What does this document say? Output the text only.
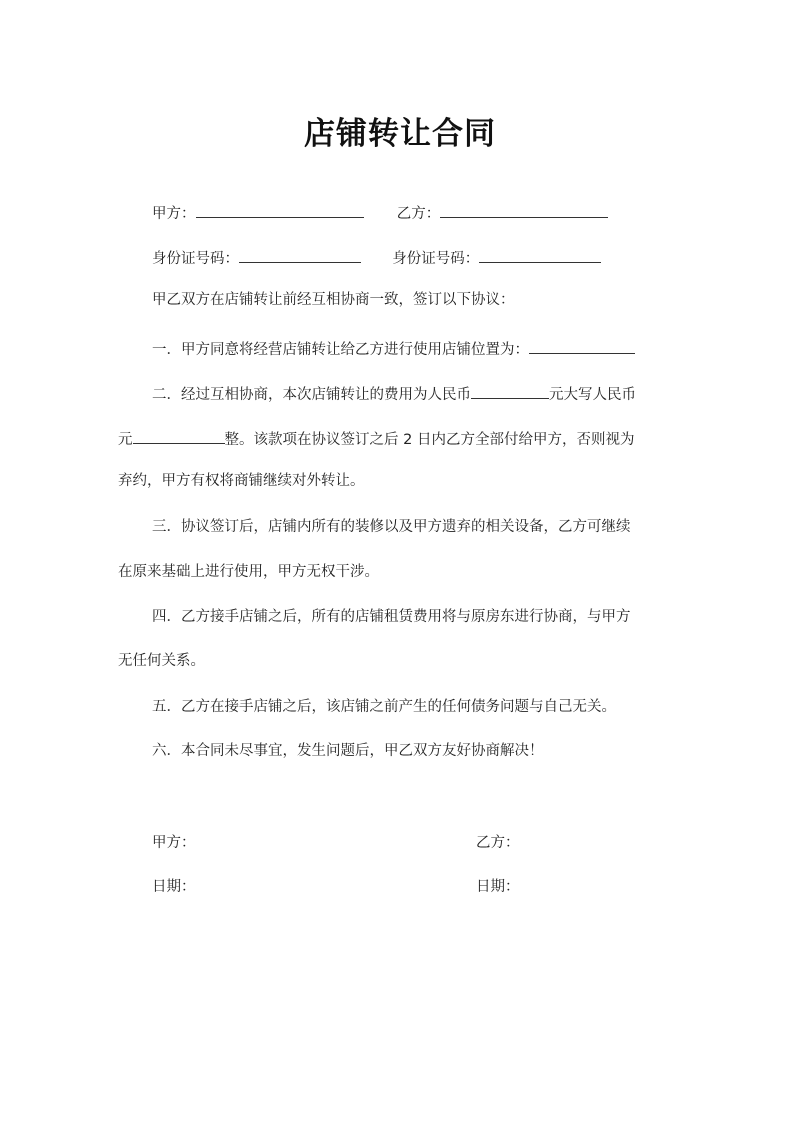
店铺转让合同
甲方：	乙方：
身份证号码：	身份证号码：
甲乙双方在店铺转让前经互相协商一致，签订以下协议：
一．甲方同意将经营店铺转让给乙方进行使用店铺位置为：
二．经过互相协商，本次店铺转让的费用为人民币	元大写人民币
元	整。该款项在协议签订之后 2 日内乙方全部付给甲方，否则视为
弃约，甲方有权将商铺继续对外转让。
三．协议签订后，店铺内所有的装修以及甲方遗弃的相关设备，乙方可继续
在原来基础上进行使用，甲方无权干涉。
四．乙方接手店铺之后，所有的店铺租赁费用将与原房东进行协商，与甲方
无任何关系。
五．乙方在接手店铺之后，该店铺之前产生的任何债务问题与自己无关。
六．本合同未尽事宜，发生问题后，甲乙双方友好协商解决！
甲方：	乙方：
日期：	日期：
